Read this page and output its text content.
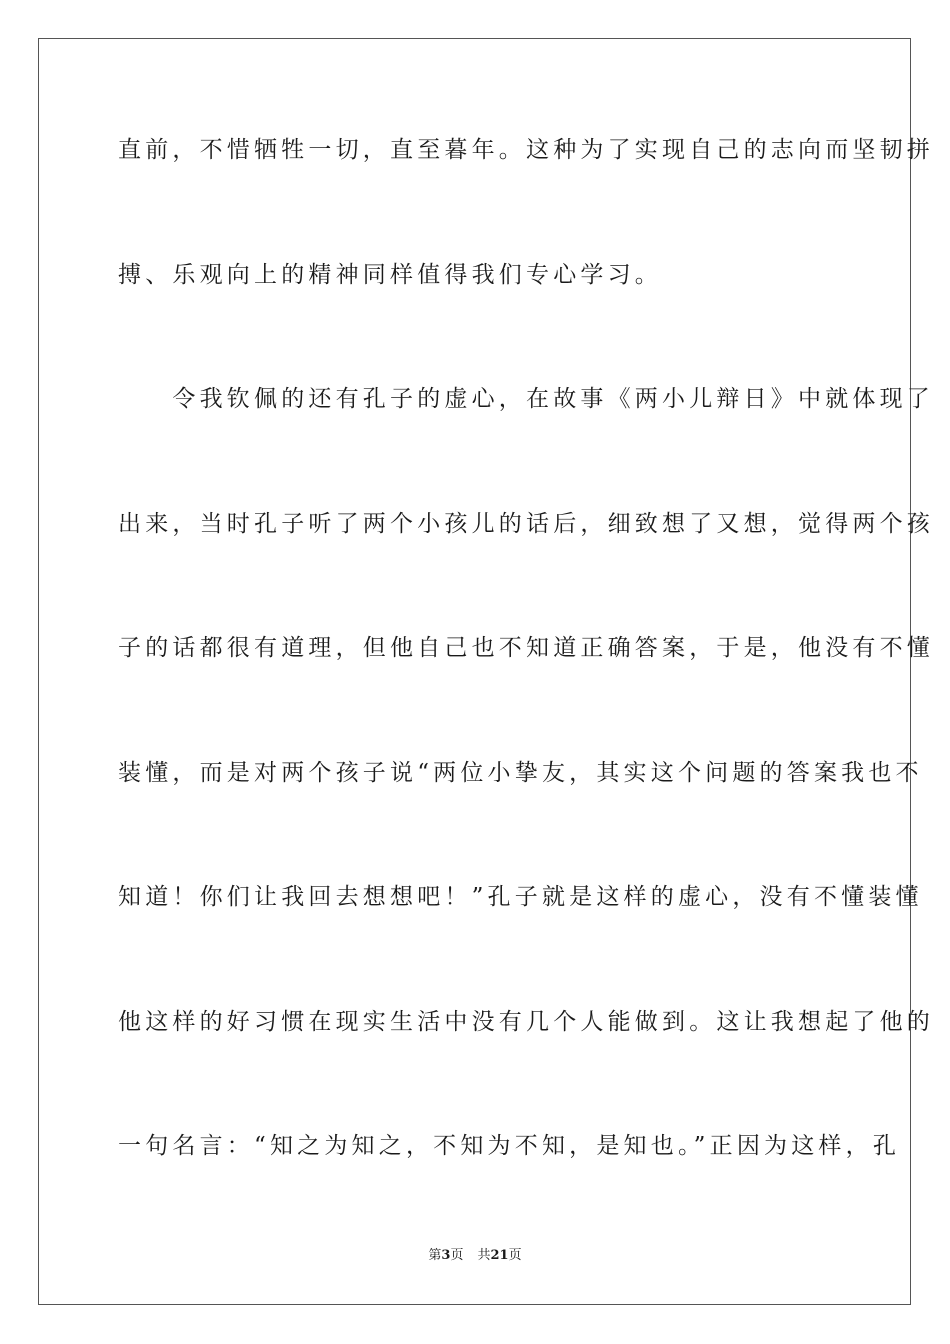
直前，不惜牺牲一切，直至暮年。这种为了实现自己的志向而坚韧拼
搏、乐观向上的精神同样值得我们专心学习。
　　令我钦佩的还有孔子的虚心，在故事《两小儿辩日》中就体现了
出来，当时孔子听了两个小孩儿的话后，细致想了又想，觉得两个孩
子的话都很有道理，但他自己也不知道正确答案，于是，他没有不懂
装懂，而是对两个孩子说“两位小挚友，其实这个问题的答案我也不
知道！你们让我回去想想吧！”孔子就是这样的虚心，没有不懂装懂
他这样的好习惯在现实生活中没有几个人能做到。这让我想起了他的
一句名言：“知之为知之，不知为不知，是知也。”正因为这样，孔
第3页 共21页
